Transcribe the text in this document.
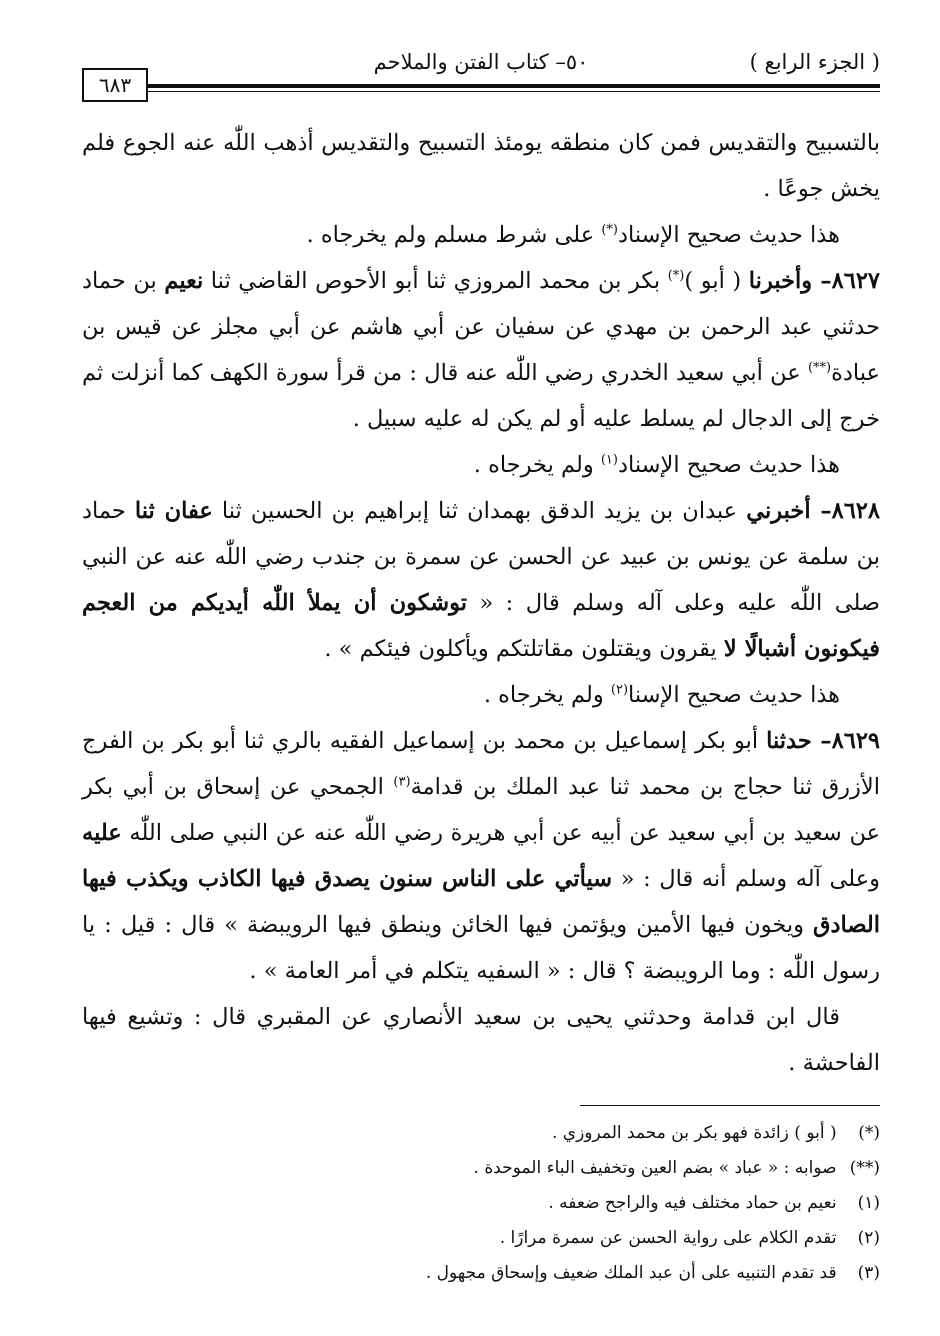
( الجزء الرابع )
٥٠– كتاب الفتن والملاحم
٦٨٣

بالتسبيح والتقديس فمن كان منطقه يومئذ التسبيح والتقديس أذهب اللّٰه عنه الجوع فلم يخش جوعًا .

هذا حديث صحيح الإسناد(*) على شرط مسلم ولم يخرجاه .

٨٦٢٧– وأخبرنا ( أبو )(*) بكر بن محمد المروزي ثنا أبو الأحوص القاضي ثنا نعيم بن حماد حدثني عبد الرحمن بن مهدي عن سفيان عن أبي هاشم عن أبي مجلز عن قيس بن عبادة(**) عن أبي سعيد الخدري رضي اللّٰه عنه قال : من قرأ سورة الكهف كما أنزلت ثم خرج إلى الدجال لم يسلط عليه أو لم يكن له عليه سبيل .

هذا حديث صحيح الإسناد$^{(١)}$ ولم يخرجاه .

٨٦٢٨– أخبرني عبدان بن يزيد الدقق بهمدان ثنا إبراهيم بن الحسين ثنا عفان ثنا حماد بن سلمة عن يونس بن عبيد عن الحسن عن سمرة بن جندب رضي اللّٰه عنه عن النبي صلى اللّٰه عليه وعلى آله وسلم قال : « توشكون أن يملأ اللّٰه أيديكم من العجم فيكونون أشبالًا لا يقرون ويقتلون مقاتلتكم ويأكلون فيئكم » .

هذا حديث صحيح الإسنا$^{(٢)}$ ولم يخرجاه .

٨٦٢٩– حدثنا أبو بكر إسماعيل بن محمد بن إسماعيل الفقيه بالري ثنا أبو بكر بن الفرج الأزرق ثنا حجاج بن محمد ثنا عبد الملك بن قدامة$^{(٣)}$ الجمحي عن إسحاق بن أبي بكر عن سعيد بن أبي سعيد عن أبيه عن أبي هريرة رضي اللّٰه عنه عن النبي صلى اللّٰه عليه وعلى آله وسلم أنه قال : « سيأتي على الناس سنون يصدق فيها الكاذب ويكذب فيها الصادق ويخون فيها الأمين ويؤتمن فيها الخائن وينطق فيها الرويبضة » قال : قيل : يا رسول اللّٰه : وما الرويبضة ؟ قال : « السفيه يتكلم في أمر العامة » .

قال ابن قدامة وحدثني يحيى بن سعيد الأنصاري عن المقبري قال : وتشيع فيها الفاحشة .

(*) ( أبو ) زائدة فهو بكر بن محمد المروزي .
(**) صوابه : « عباد » بضم العين وتخفيف الباء الموحدة .
(١) نعيم بن حماد مختلف فيه والراجح ضعفه .
(٢) تقدم الكلام على رواية الحسن عن سمرة مرارًا .
(٣) قد تقدم التنبيه على أن عبد الملك ضعيف وإسحاق مجهول .
